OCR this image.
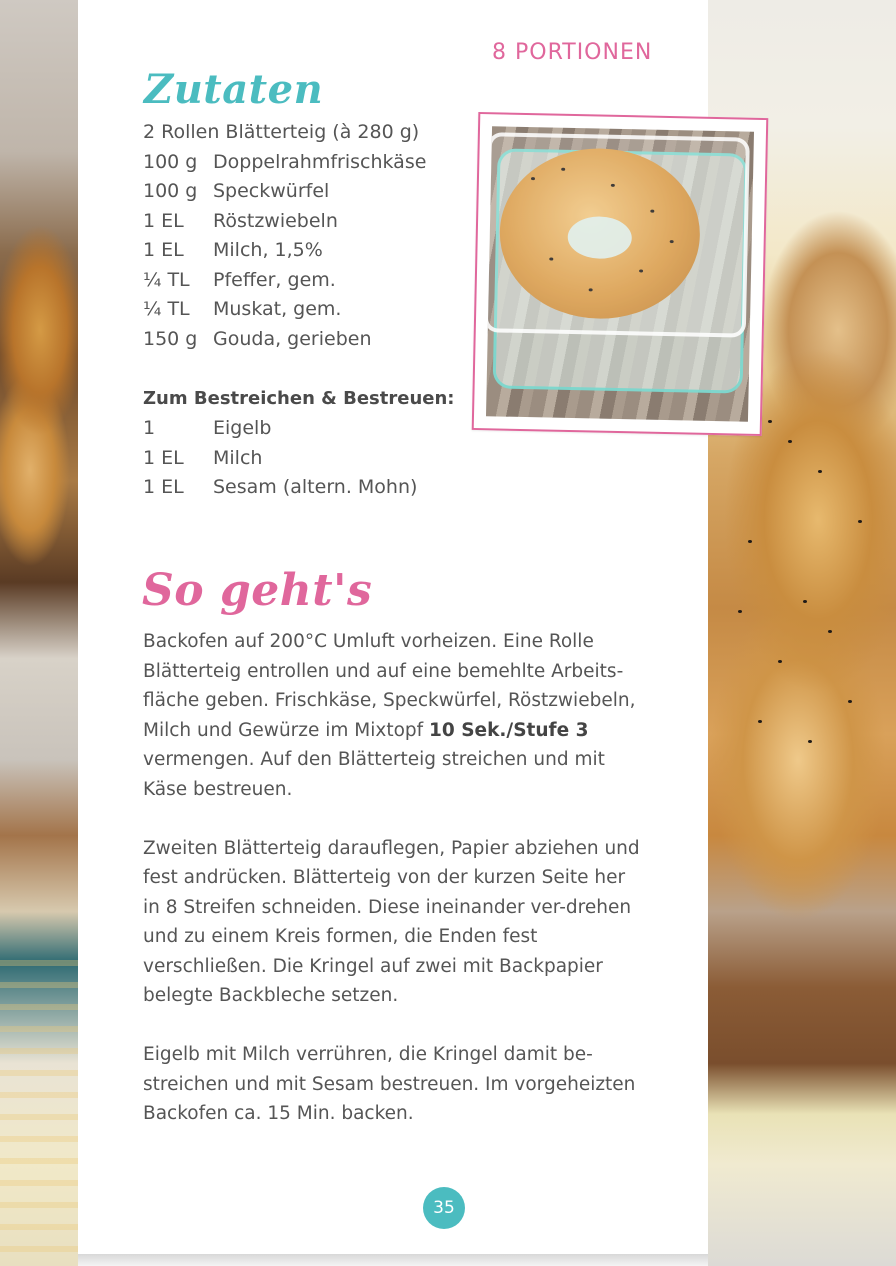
8 PORTIONEN
Zutaten
2 Rollen Blätterteig (à 280 g)
100 g Doppelrahmfrischkäse
100 g Speckwürfel
1 EL	Röstzwiebeln
1 EL	Milch, 1,5%
¼ TL	Pfeffer, gem.
¼ TL	Muskat, gem.
150 g Gouda, gerieben
Zum Bestreichen & Bestreuen:
1	Eigelb
1 EL	Milch
1 EL	Sesam (altern. Mohn)
So geht's

Backofen auf 200°C Umluft vorheizen. Eine Rolle Blätterteig entrollen und auf eine bemehlte Arbeits-fläche geben. Frischkäse, Speckwürfel, Röstzwiebeln, Milch und Gewürze im Mixtopf 10 Sek./Stufe 3 vermengen. Auf den Blätterteig streichen und mit Käse bestreuen.

Zweiten Blätterteig darauflegen, Papier abziehen und fest andrücken. Blätterteig von der kurzen Seite her in 8 Streifen schneiden. Diese ineinander ver-drehen und zu einem Kreis formen, die Enden fest verschließen. Die Kringel auf zwei mit Backpapier belegte Backbleche setzen.

Eigelb mit Milch verrühren, die Kringel damit be-streichen und mit Sesam bestreuen. Im vorgeheizten Backofen ca. 15 Min. backen.

35
